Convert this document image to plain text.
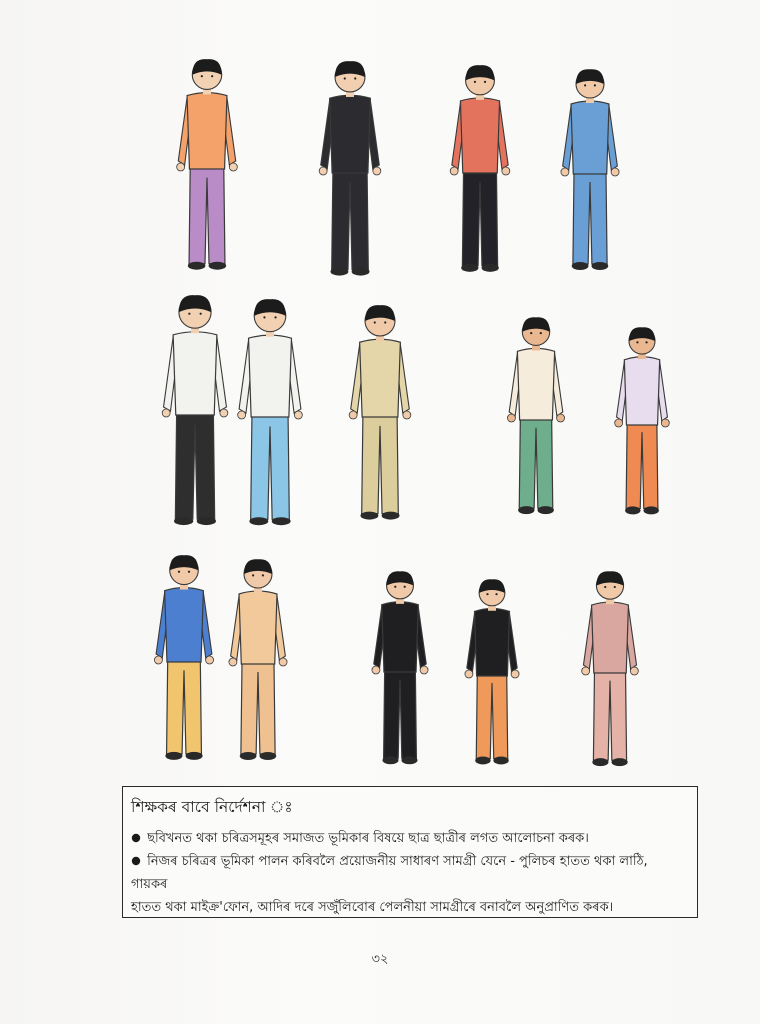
শিক্ষকৰ বাবে নিৰ্দেশনা ঃ

ছবিখনত থকা চৰিত্ৰসমূহৰ সমাজত ভূমিকাৰ বিষয়ে ছাত্ৰ ছাত্ৰীৰ লগত আলোচনা কৰক।

নিজৰ চৰিত্ৰৰ ভূমিকা পালন কৰিবলৈ প্ৰয়োজনীয় সাধাৰণ সামগ্ৰী যেনে - পুলিচৰ হাতত থকা লাঠি, গায়কৰ

হাতত থকা মাইক্ৰ'ফোন, আদিৰ দৰে সজুঁলিবোৰ পেলনীয়া সামগ্ৰীৰে বনাবলৈ অনুপ্ৰাণিত কৰক।

৩২
